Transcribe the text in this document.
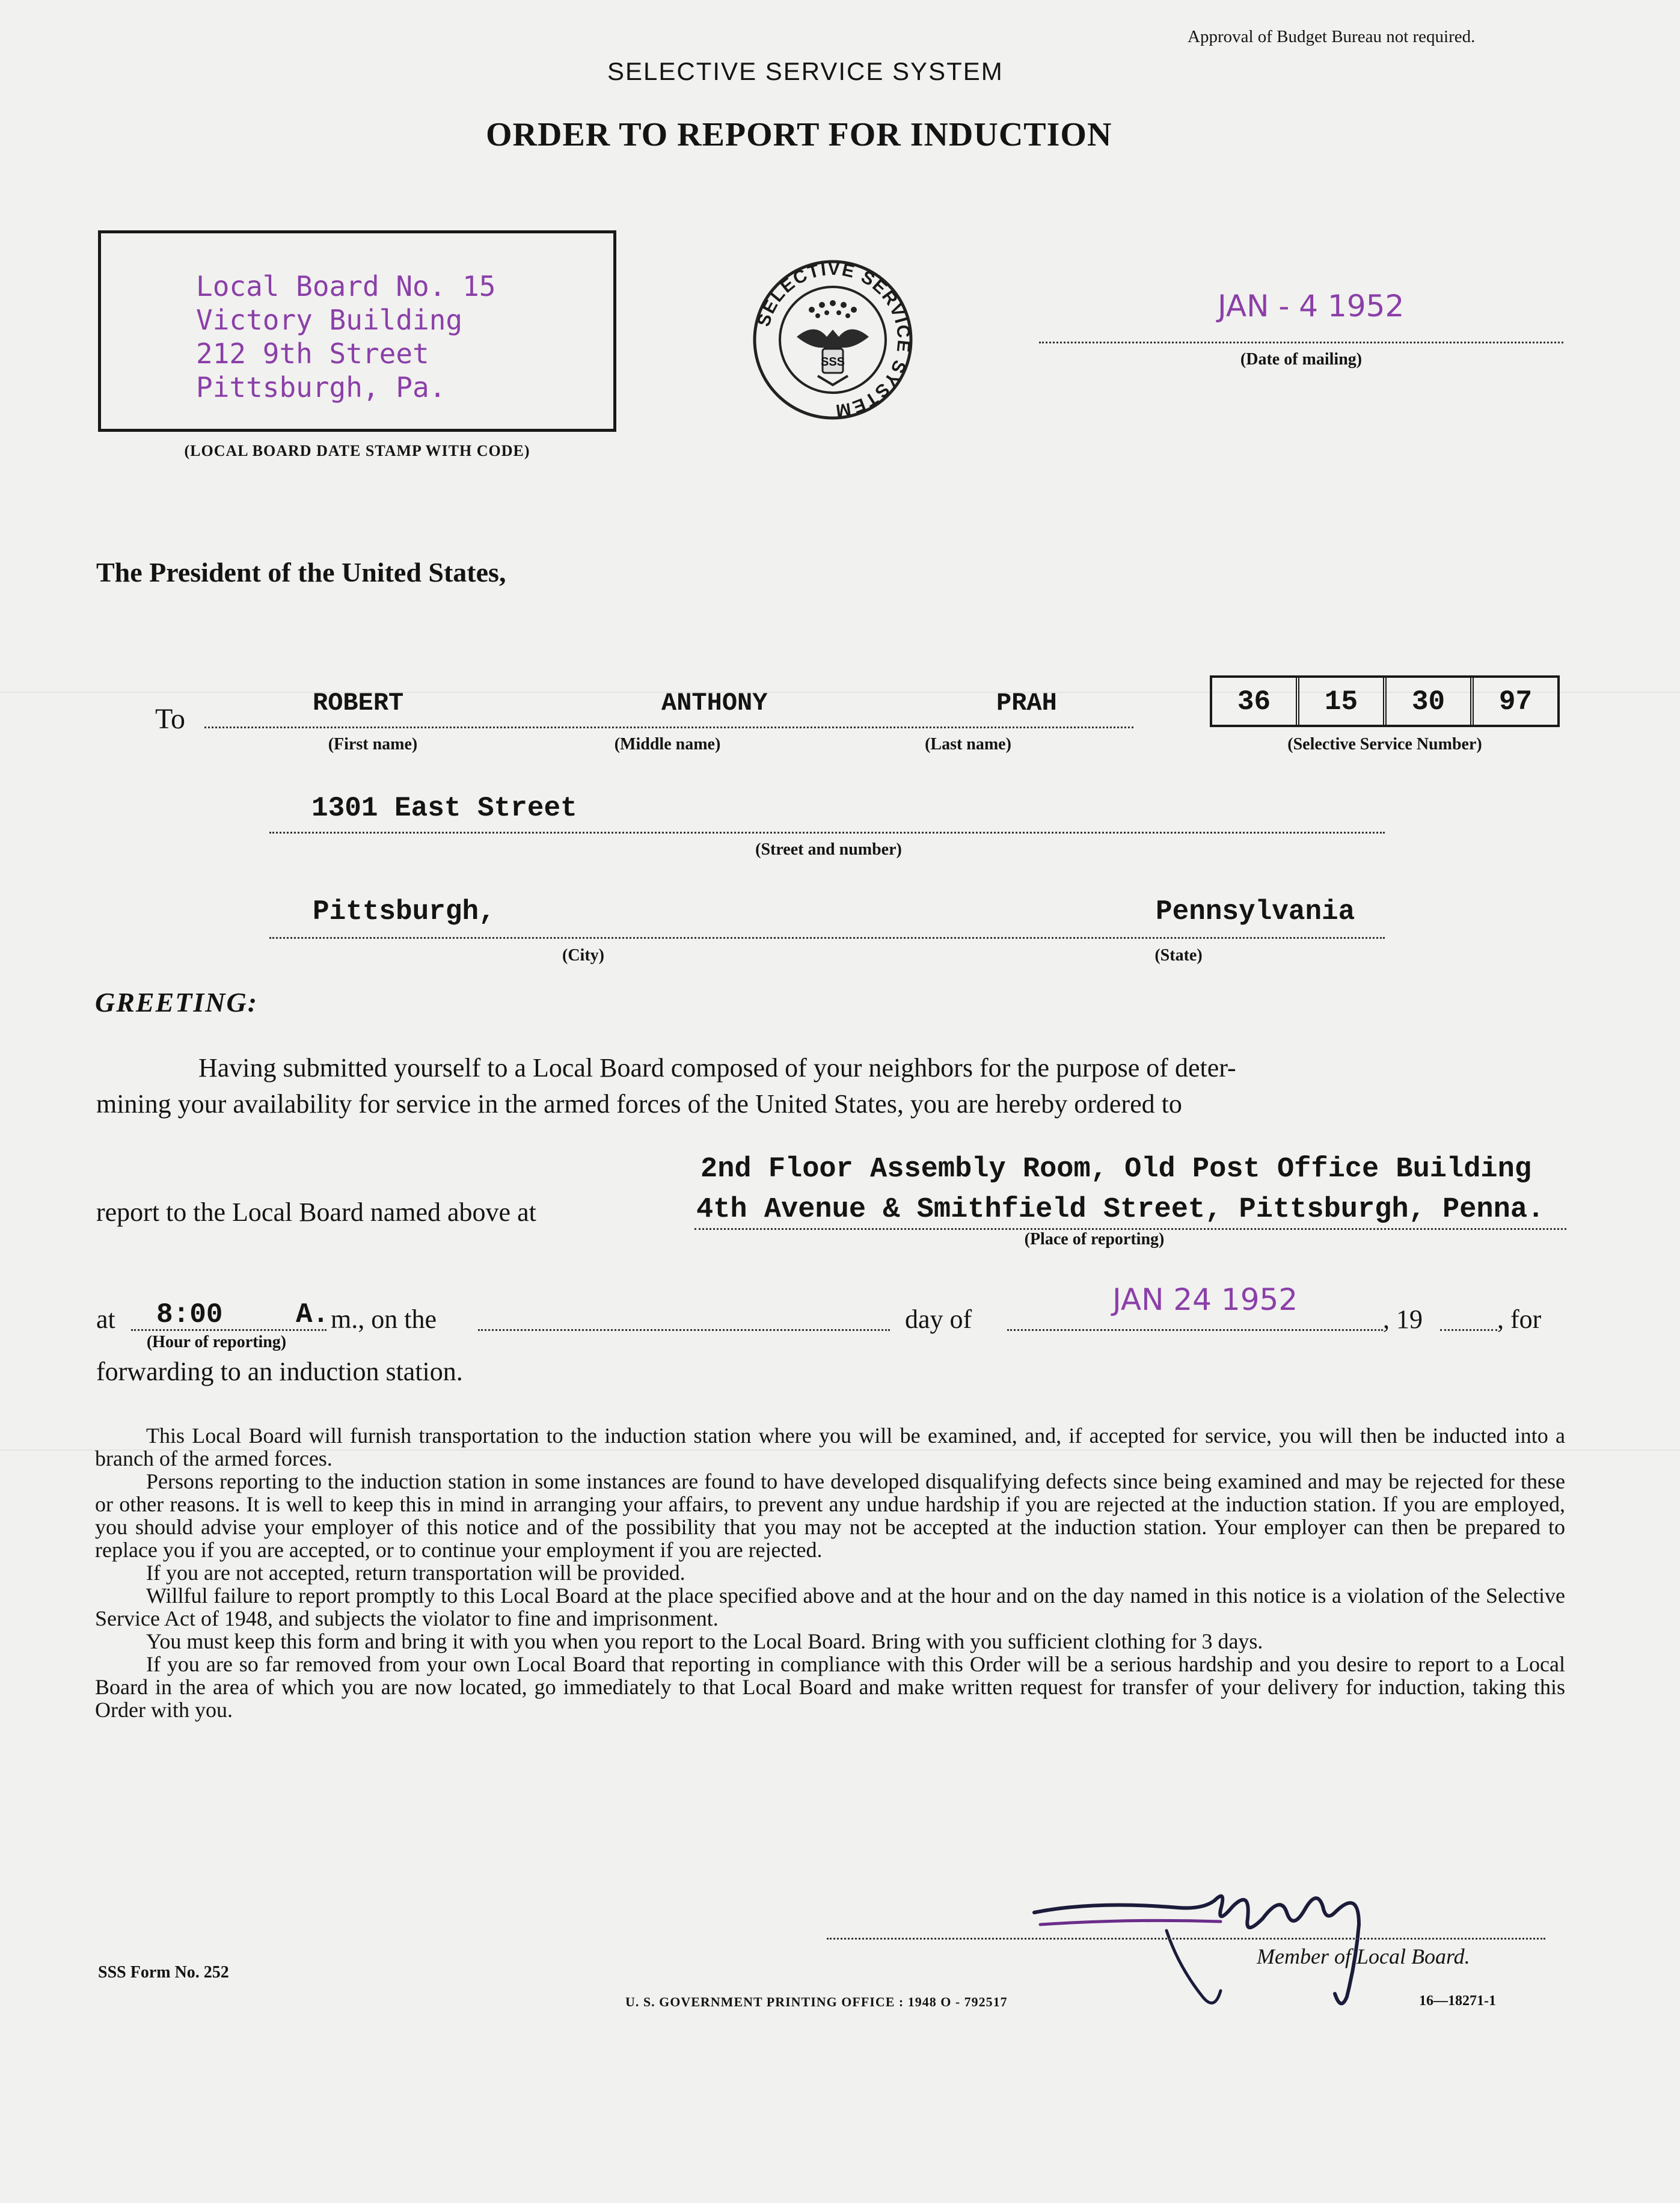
Approval of Budget Bureau not required.
SELECTIVE SERVICE SYSTEM
ORDER TO REPORT FOR INDUCTION
Local Board No. 15
Victory Building
212 9th Street
Pittsburgh, Pa.
(LOCAL BOARD DATE STAMP WITH CODE)
SELECTIVE SERVICE SYSTEM
SSS
JAN - 4 1952
(Date of mailing)
The President of the United States,
To	ROBERT	ANTHONY	PRAH
(First name)	(Middle name)	(Last name)
36	15	30	97
(Selective Service Number)
1301 East Street
(Street and number)
Pittsburgh,	Pennsylvania
(City)	(State)
GREETING:
Having submitted yourself to a Local Board composed of your neighbors for the purpose of deter-
mining your availability for service in the armed forces of the United States, you are hereby ordered to
2nd Floor Assembly Room, Old Post Office Building
report to the Local Board named above at	4th Avenue & Smithfield Street, Pittsburgh, Penna.
(Place of reporting)
at 8:00	A. m., on the
(Hour of reporting)
day of
JAN 24 1952
, 19	, for
forwarding to an induction station.
This Local Board will furnish transportation to the induction station where you will be examined, and, if accepted for service, you will then be inducted into a branch of the armed forces.
Persons reporting to the induction station in some instances are found to have developed disqualifying defects since being examined and may be rejected for these or other reasons. It is well to keep this in mind in arranging your affairs, to prevent any undue hardship if you are rejected at the induction station. If you are employed, you should advise your employer of this notice and of the possibility that you may not be accepted at the induction station. Your employer can then be prepared to replace you if you are accepted, or to continue your employment if you are rejected.
If you are not accepted, return transportation will be provided.
Willful failure to report promptly to this Local Board at the place specified above and at the hour and on the day named in this notice is a violation of the Selective Service Act of 1948, and subjects the violator to fine and imprisonment.
You must keep this form and bring it with you when you report to the Local Board. Bring with you sufficient clothing for 3 days.
If you are so far removed from your own Local Board that reporting in compliance with this Order will be a serious hardship and you desire to report to a Local Board in the area of which you are now located, go immediately to that Local Board and make written request for transfer of your delivery for induction, taking this Order with you.
Member of Local Board.
SSS Form No. 252
U. S. GOVERNMENT PRINTING OFFICE : 1948 O - 792517	16—18271-1
